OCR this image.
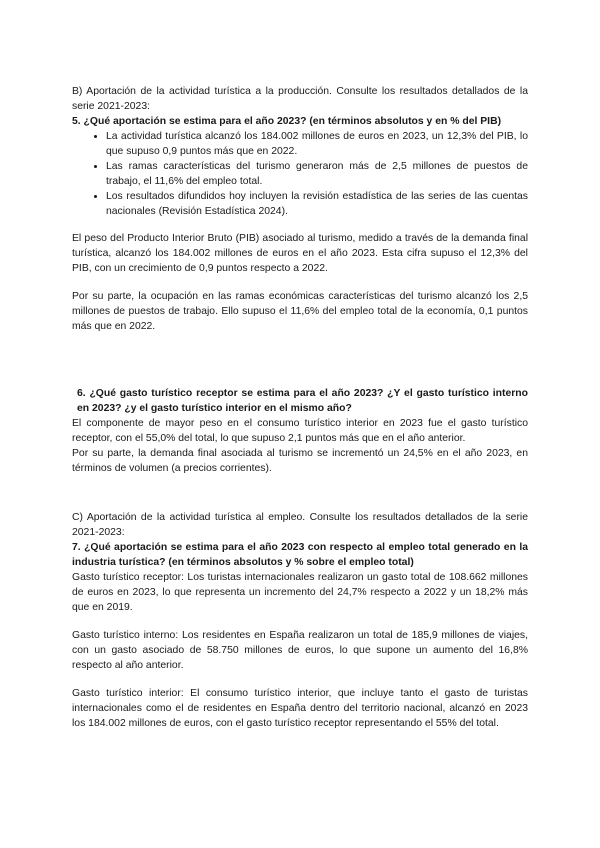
B) Aportación de la actividad turística a la producción. Consulte los resultados detallados de la serie 2021-2023:

5. ¿Qué aportación se estima para el año 2023? (en términos absolutos y en % del PIB)

• La actividad turística alcanzó los 184.002 millones de euros en 2023, un 12,3% del PIB, lo que supuso 0,9 puntos más que en 2022.
• Las ramas características del turismo generaron más de 2,5 millones de puestos de trabajo, el 11,6% del empleo total.
• Los resultados difundidos hoy incluyen la revisión estadística de las series de las cuentas nacionales (Revisión Estadística 2024).

El peso del Producto Interior Bruto (PIB) asociado al turismo, medido a través de la demanda final turística, alcanzó los 184.002 millones de euros en el año 2023. Esta cifra supuso el 12,3% del PIB, con un crecimiento de 0,9 puntos respecto a 2022.

Por su parte, la ocupación en las ramas económicas características del turismo alcanzó los 2,5 millones de puestos de trabajo. Ello supuso el 11,6% del empleo total de la economía, 0,1 puntos más que en 2022.

6. ¿Qué gasto turístico receptor se estima para el año 2023? ¿Y el gasto turístico interno en 2023? ¿y el gasto turístico interior en el mismo año?

El componente de mayor peso en el consumo turístico interior en 2023 fue el gasto turístico receptor, con el 55,0% del total, lo que supuso 2,1 puntos más que en el año anterior.

Por su parte, la demanda final asociada al turismo se incrementó un 24,5% en el año 2023, en términos de volumen (a precios corrientes).

C) Aportación de la actividad turística al empleo. Consulte los resultados detallados de la serie 2021-2023:

7. ¿Qué aportación se estima para el año 2023 con respecto al empleo total generado en la industria turística? (en términos absolutos y % sobre el empleo total)

Gasto turístico receptor: Los turistas internacionales realizaron un gasto total de 108.662 millones de euros en 2023, lo que representa un incremento del 24,7% respecto a 2022 y un 18,2% más que en 2019.

Gasto turístico interno: Los residentes en España realizaron un total de 185,9 millones de viajes, con un gasto asociado de 58.750 millones de euros, lo que supone un aumento del 16,8% respecto al año anterior.

Gasto turístico interior: El consumo turístico interior, que incluye tanto el gasto de turistas internacionales como el de residentes en España dentro del territorio nacional, alcanzó en 2023 los 184.002 millones de euros, con el gasto turístico receptor representando el 55% del total.
